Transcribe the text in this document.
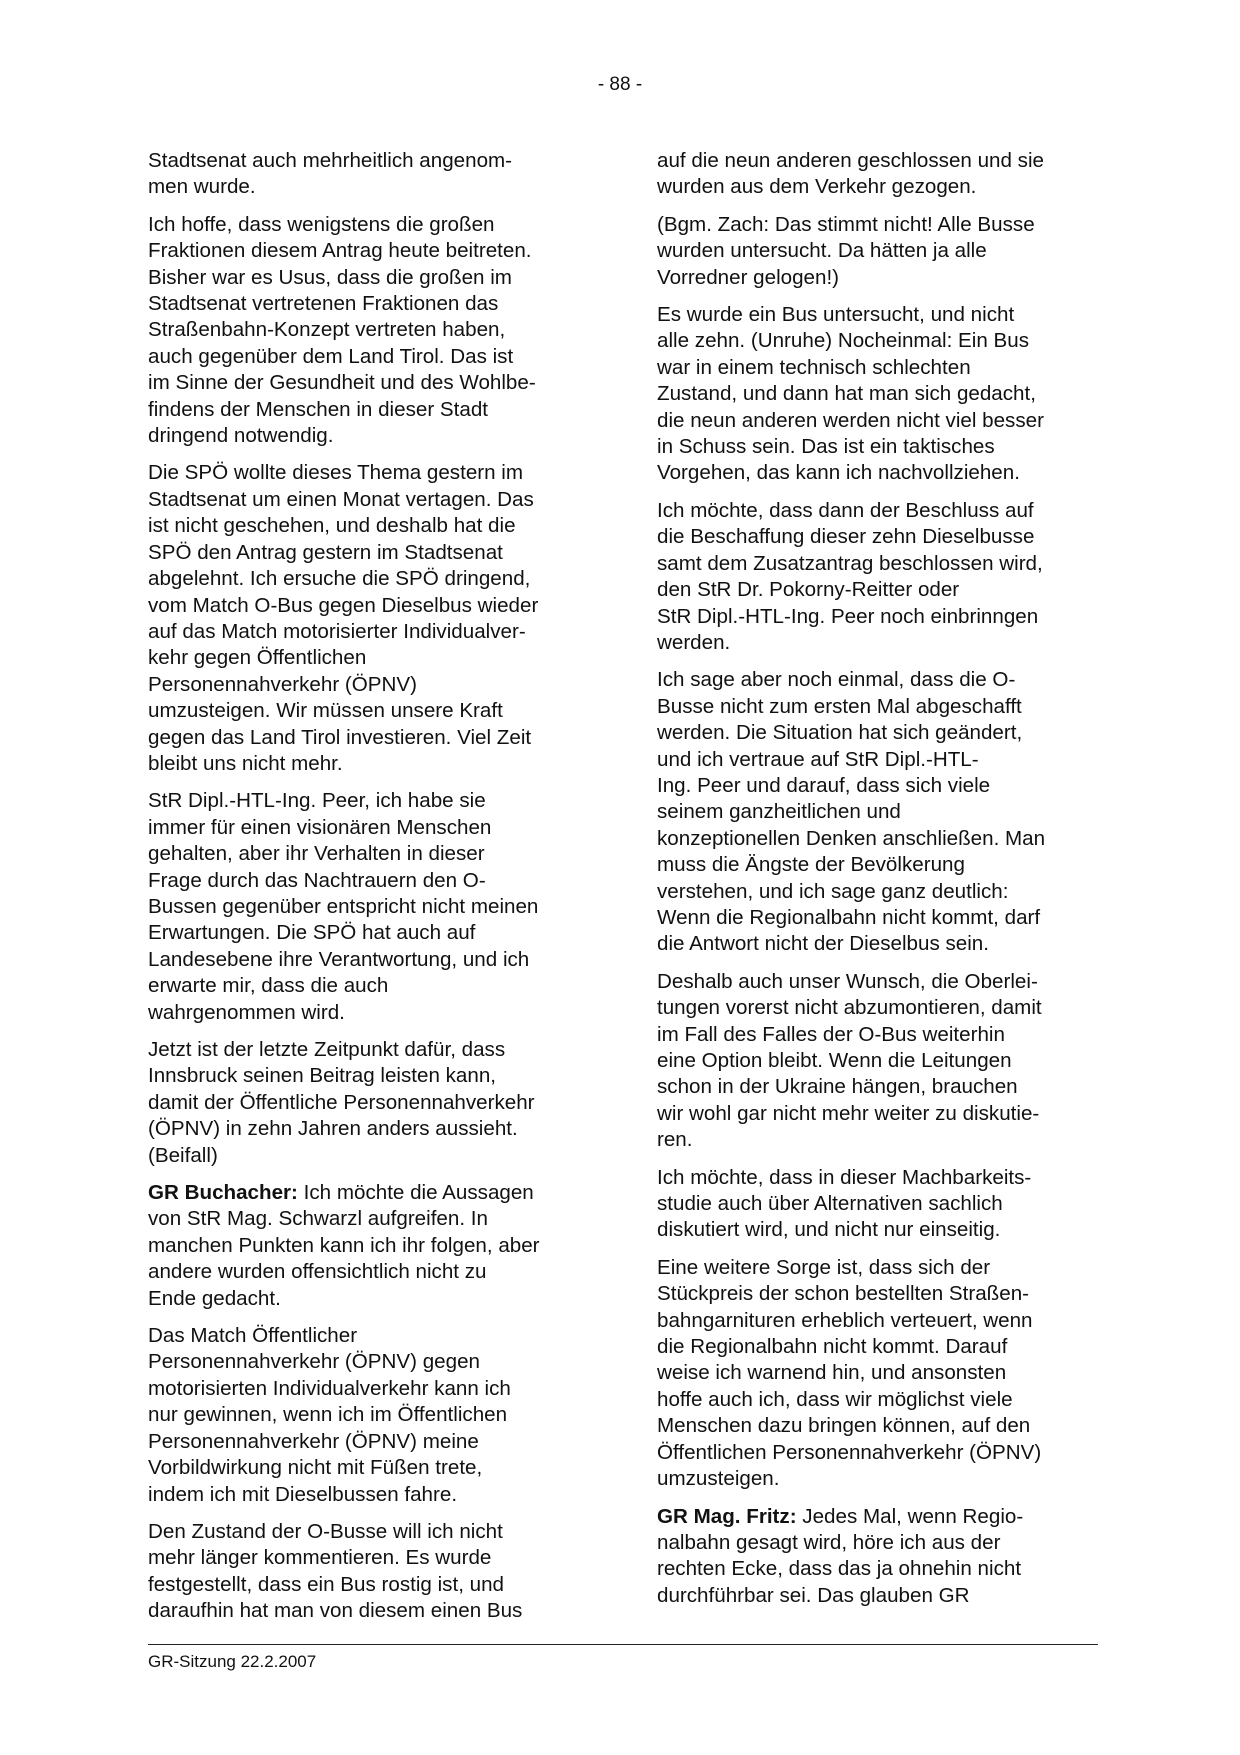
- 88 -

Stadtsenat auch mehrheitlich angenom-
men wurde.

Ich hoffe, dass wenigstens die großen
Fraktionen diesem Antrag heute beitreten.
Bisher war es Usus, dass die großen im
Stadtsenat vertretenen Fraktionen das
Straßenbahn-Konzept vertreten haben,
auch gegenüber dem Land Tirol. Das ist
im Sinne der Gesundheit und des Wohlbe-
findens der Menschen in dieser Stadt
dringend notwendig.

Die SPÖ wollte dieses Thema gestern im
Stadtsenat um einen Monat vertagen. Das
ist nicht geschehen, und deshalb hat die
SPÖ den Antrag gestern im Stadtsenat
abgelehnt. Ich ersuche die SPÖ dringend,
vom Match O-Bus gegen Dieselbus wieder
auf das Match motorisierter Individualver-
kehr gegen Öffentlichen
Personennahverkehr (ÖPNV)
umzusteigen. Wir müssen unsere Kraft
gegen das Land Tirol investieren. Viel Zeit
bleibt uns nicht mehr.

StR Dipl.-HTL-Ing. Peer, ich habe sie
immer für einen visionären Menschen
gehalten, aber ihr Verhalten in dieser
Frage durch das Nachtrauern den O-
Bussen gegenüber entspricht nicht meinen
Erwartungen. Die SPÖ hat auch auf
Landesebene ihre Verantwortung, und ich
erwarte mir, dass die auch
wahrgenommen wird.

Jetzt ist der letzte Zeitpunkt dafür, dass
Innsbruck seinen Beitrag leisten kann,
damit der Öffentliche Personennahverkehr
(ÖPNV) in zehn Jahren anders aussieht.
(Beifall)

GR Buchacher: Ich möchte die Aussagen
von StR Mag. Schwarzl aufgreifen. In
manchen Punkten kann ich ihr folgen, aber
andere wurden offensichtlich nicht zu
Ende gedacht.

Das Match Öffentlicher
Personennahverkehr (ÖPNV) gegen
motorisierten Individualverkehr kann ich
nur gewinnen, wenn ich im Öffentlichen
Personennahverkehr (ÖPNV) meine
Vorbildwirkung nicht mit Füßen trete,
indem ich mit Dieselbussen fahre.

Den Zustand der O-Busse will ich nicht
mehr länger kommentieren. Es wurde
festgestellt, dass ein Bus rostig ist, und
daraufhin hat man von diesem einen Bus

auf die neun anderen geschlossen und sie
wurden aus dem Verkehr gezogen.

(Bgm. Zach: Das stimmt nicht! Alle Busse
wurden untersucht. Da hätten ja alle
Vorredner gelogen!)

Es wurde ein Bus untersucht, und nicht
alle zehn. (Unruhe) Nocheinmal: Ein Bus
war in einem technisch schlechten
Zustand, und dann hat man sich gedacht,
die neun anderen werden nicht viel besser
in Schuss sein. Das ist ein taktisches
Vorgehen, das kann ich nachvollziehen.

Ich möchte, dass dann der Beschluss auf
die Beschaffung dieser zehn Dieselbusse
samt dem Zusatzantrag beschlossen wird,
den StR Dr. Pokorny-Reitter oder
StR Dipl.-HTL-Ing. Peer noch einbrinngen
werden.

Ich sage aber noch einmal, dass die O-
Busse nicht zum ersten Mal abgeschafft
werden. Die Situation hat sich geändert,
und ich vertraue auf StR Dipl.-HTL-
Ing. Peer und darauf, dass sich viele
seinem ganzheitlichen und
konzeptionellen Denken anschließen. Man
muss die Ängste der Bevölkerung
verstehen, und ich sage ganz deutlich:
Wenn die Regionalbahn nicht kommt, darf
die Antwort nicht der Dieselbus sein.

Deshalb auch unser Wunsch, die Oberlei-
tungen vorerst nicht abzumontieren, damit
im Fall des Falles der O-Bus weiterhin
eine Option bleibt. Wenn die Leitungen
schon in der Ukraine hängen, brauchen
wir wohl gar nicht mehr weiter zu diskutie-
ren.

Ich möchte, dass in dieser Machbarkeits-
studie auch über Alternativen sachlich
diskutiert wird, und nicht nur einseitig.

Eine weitere Sorge ist, dass sich der
Stückpreis der schon bestellten Straßen-
bahngarnituren erheblich verteuert, wenn
die Regionalbahn nicht kommt. Darauf
weise ich warnend hin, und ansonsten
hoffe auch ich, dass wir möglichst viele
Menschen dazu bringen können, auf den
Öffentlichen Personennahverkehr (ÖPNV)
umzusteigen.

GR Mag. Fritz: Jedes Mal, wenn Regio-
nalbahn gesagt wird, höre ich aus der
rechten Ecke, dass das ja ohnehin nicht
durchführbar sei. Das glauben GR

GR-Sitzung 22.2.2007
